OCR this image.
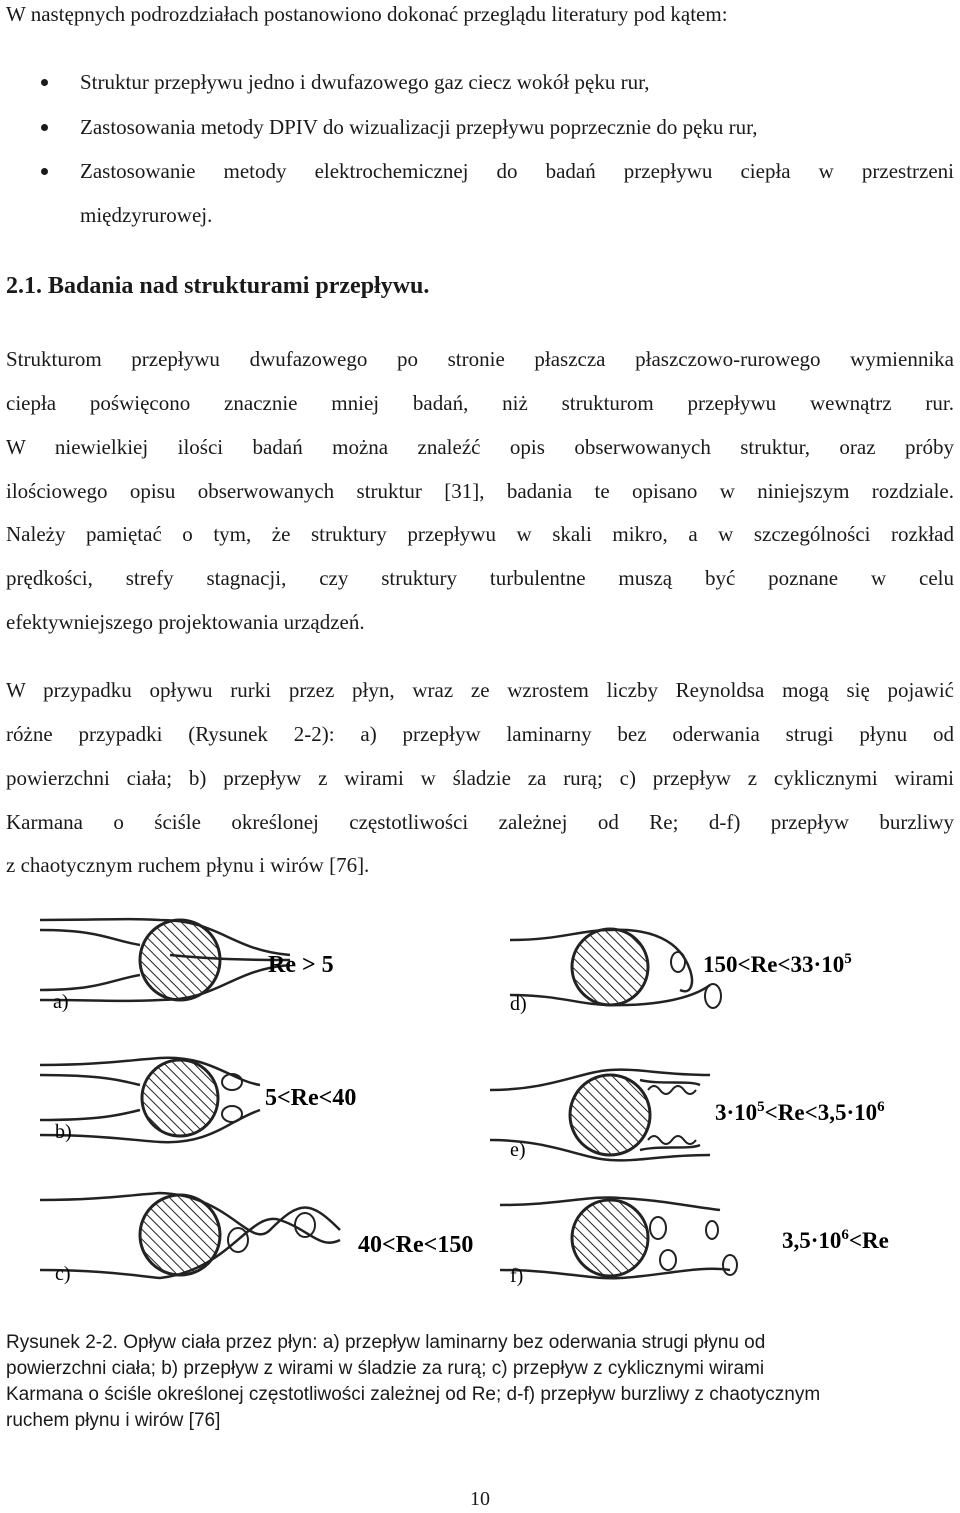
W następnych podrozdziałach postanowiono dokonać przeglądu literatury pod kątem:
Struktur przepływu jedno i dwufazowego gaz ciecz wokół pęku rur,
Zastosowania metody DPIV do wizualizacji przepływu poprzecznie do pęku rur,
Zastosowanie metody elektrochemicznej do badań przepływu ciepła w przestrzeni
międzyrurowej.
2.1. Badania nad strukturami przepływu.
Strukturom przepływu dwufazowego po stronie płaszcza płaszczowo-rurowego wymiennika
ciepła poświęcono znacznie mniej badań, niż strukturom przepływu wewnątrz rur.
W niewielkiej ilości badań można znaleźć opis obserwowanych struktur, oraz próby
ilościowego opisu obserwowanych struktur [31], badania te opisano w niniejszym rozdziale.
Należy pamiętać o tym, że struktury przepływu w skali mikro, a w szczególności rozkład
prędkości, strefy stagnacji, czy struktury turbulentne muszą być poznane w celu
efektywniejszego projektowania urządzeń.
W przypadku opływu rurki przez płyn, wraz ze wzrostem liczby Reynoldsa mogą się pojawić
różne przypadki (Rysunek 2-2): a) przepływ laminarny bez oderwania strugi płynu od
powierzchni ciała; b) przepływ z wirami w śladzie za rurą; c) przepływ z cyklicznymi wirami
Karmana o ściśle określonej częstotliwości zależnej od Re; d-f) przepływ burzliwy
z chaotycznym ruchem płynu i wirów [76].
a)
Re > 5
b)
5<Re<40
c)
40<Re<150
d)
$150<Re<33\cdot 10^5$
e)
$3\cdot 10^5<Re<3,5\cdot 10^6$
f)
$3,5\cdot 10^6<Re$
Rysunek 2-2. Opływ ciała przez płyn: a) przepływ laminarny bez oderwania strugi płynu od
powierzchni ciała; b) przepływ z wirami w śladzie za rurą; c) przepływ z cyklicznymi wirami
Karmana o ściśle określonej częstotliwości zależnej od Re; d-f) przepływ burzliwy z chaotycznym
ruchem płynu i wirów [76]
10
